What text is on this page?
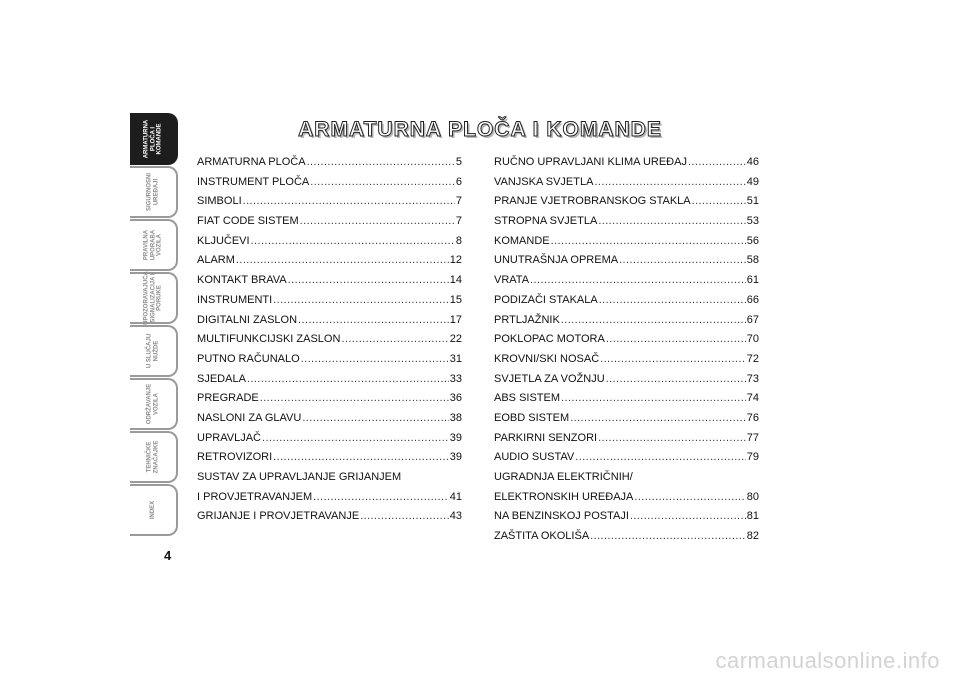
ARMATURNA PLOČA I KOMANDE
SIGURNOSNI UREĐAJI
PRAVILNA UPORABA VOZILA
UPOZORAVAJUĆA SIGNALIZACIJA I PORUKE
U SLUČAJU NUŽDE
ODRŽAVANJE VOZILA
TEHNIČKE ZNAČAJKE
INDEX
4
ARMATURNA PLOČA I KOMANDE
ARMATURNA PLOČA .....	5
INSTRUMENT PLOČA .....	6
SIMBOLI .....	7
FIAT CODE SISTEM .....	7
KLJUČEVI .....	8
ALARM .....	12
KONTAKT BRAVA .....	14
INSTRUMENTI .....	15
DIGITALNI ZASLON .....	17
MULTIFUNKCIJSKI ZASLON .....	22
PUTNO RAČUNALO .....	31
SJEDALA .....	33
PREGRADE .....	36
NASLONI ZA GLAVU .....	38
UPRAVLJAČ .....	39
RETROVIZORI .....	39
SUSTAV ZA UPRAVLJANJE GRIJANJEM
I PROVJETRAVANJEM .....	41
GRIJANJE I PROVJETRAVANJE .....	43
RUČNO UPRAVLJANI KLIMA UREĐAJ .....	46
VANJSKA SVJETLA .....	49
PRANJE VJETROBRANSKOG STAKLA .....	51
STROPNA SVJETLA .....	53
KOMANDE .....	56
UNUTRAŠNJA OPREMA .....	58
VRATA .....	61
PODIZAČI STAKALA .....	66
PRTLJAŽNIK .....	67
POKLOPAC MOTORA .....	70
KROVNI/SKI NOSAČ .....	72
SVJETLA ZA VOŽNJU .....	73
ABS SISTEM .....	74
EOBD SISTEM .....	76
PARKIRNI SENZORI .....	77
AUDIO SUSTAV .....	79
UGRADNJA ELEKTRIČNIH/
ELEKTRONSKIH UREĐAJA .....	80
NA BENZINSKOJ POSTAJI .....	81
ZAŠTITA OKOLIŠA .....	82
carmanualsonline.info
